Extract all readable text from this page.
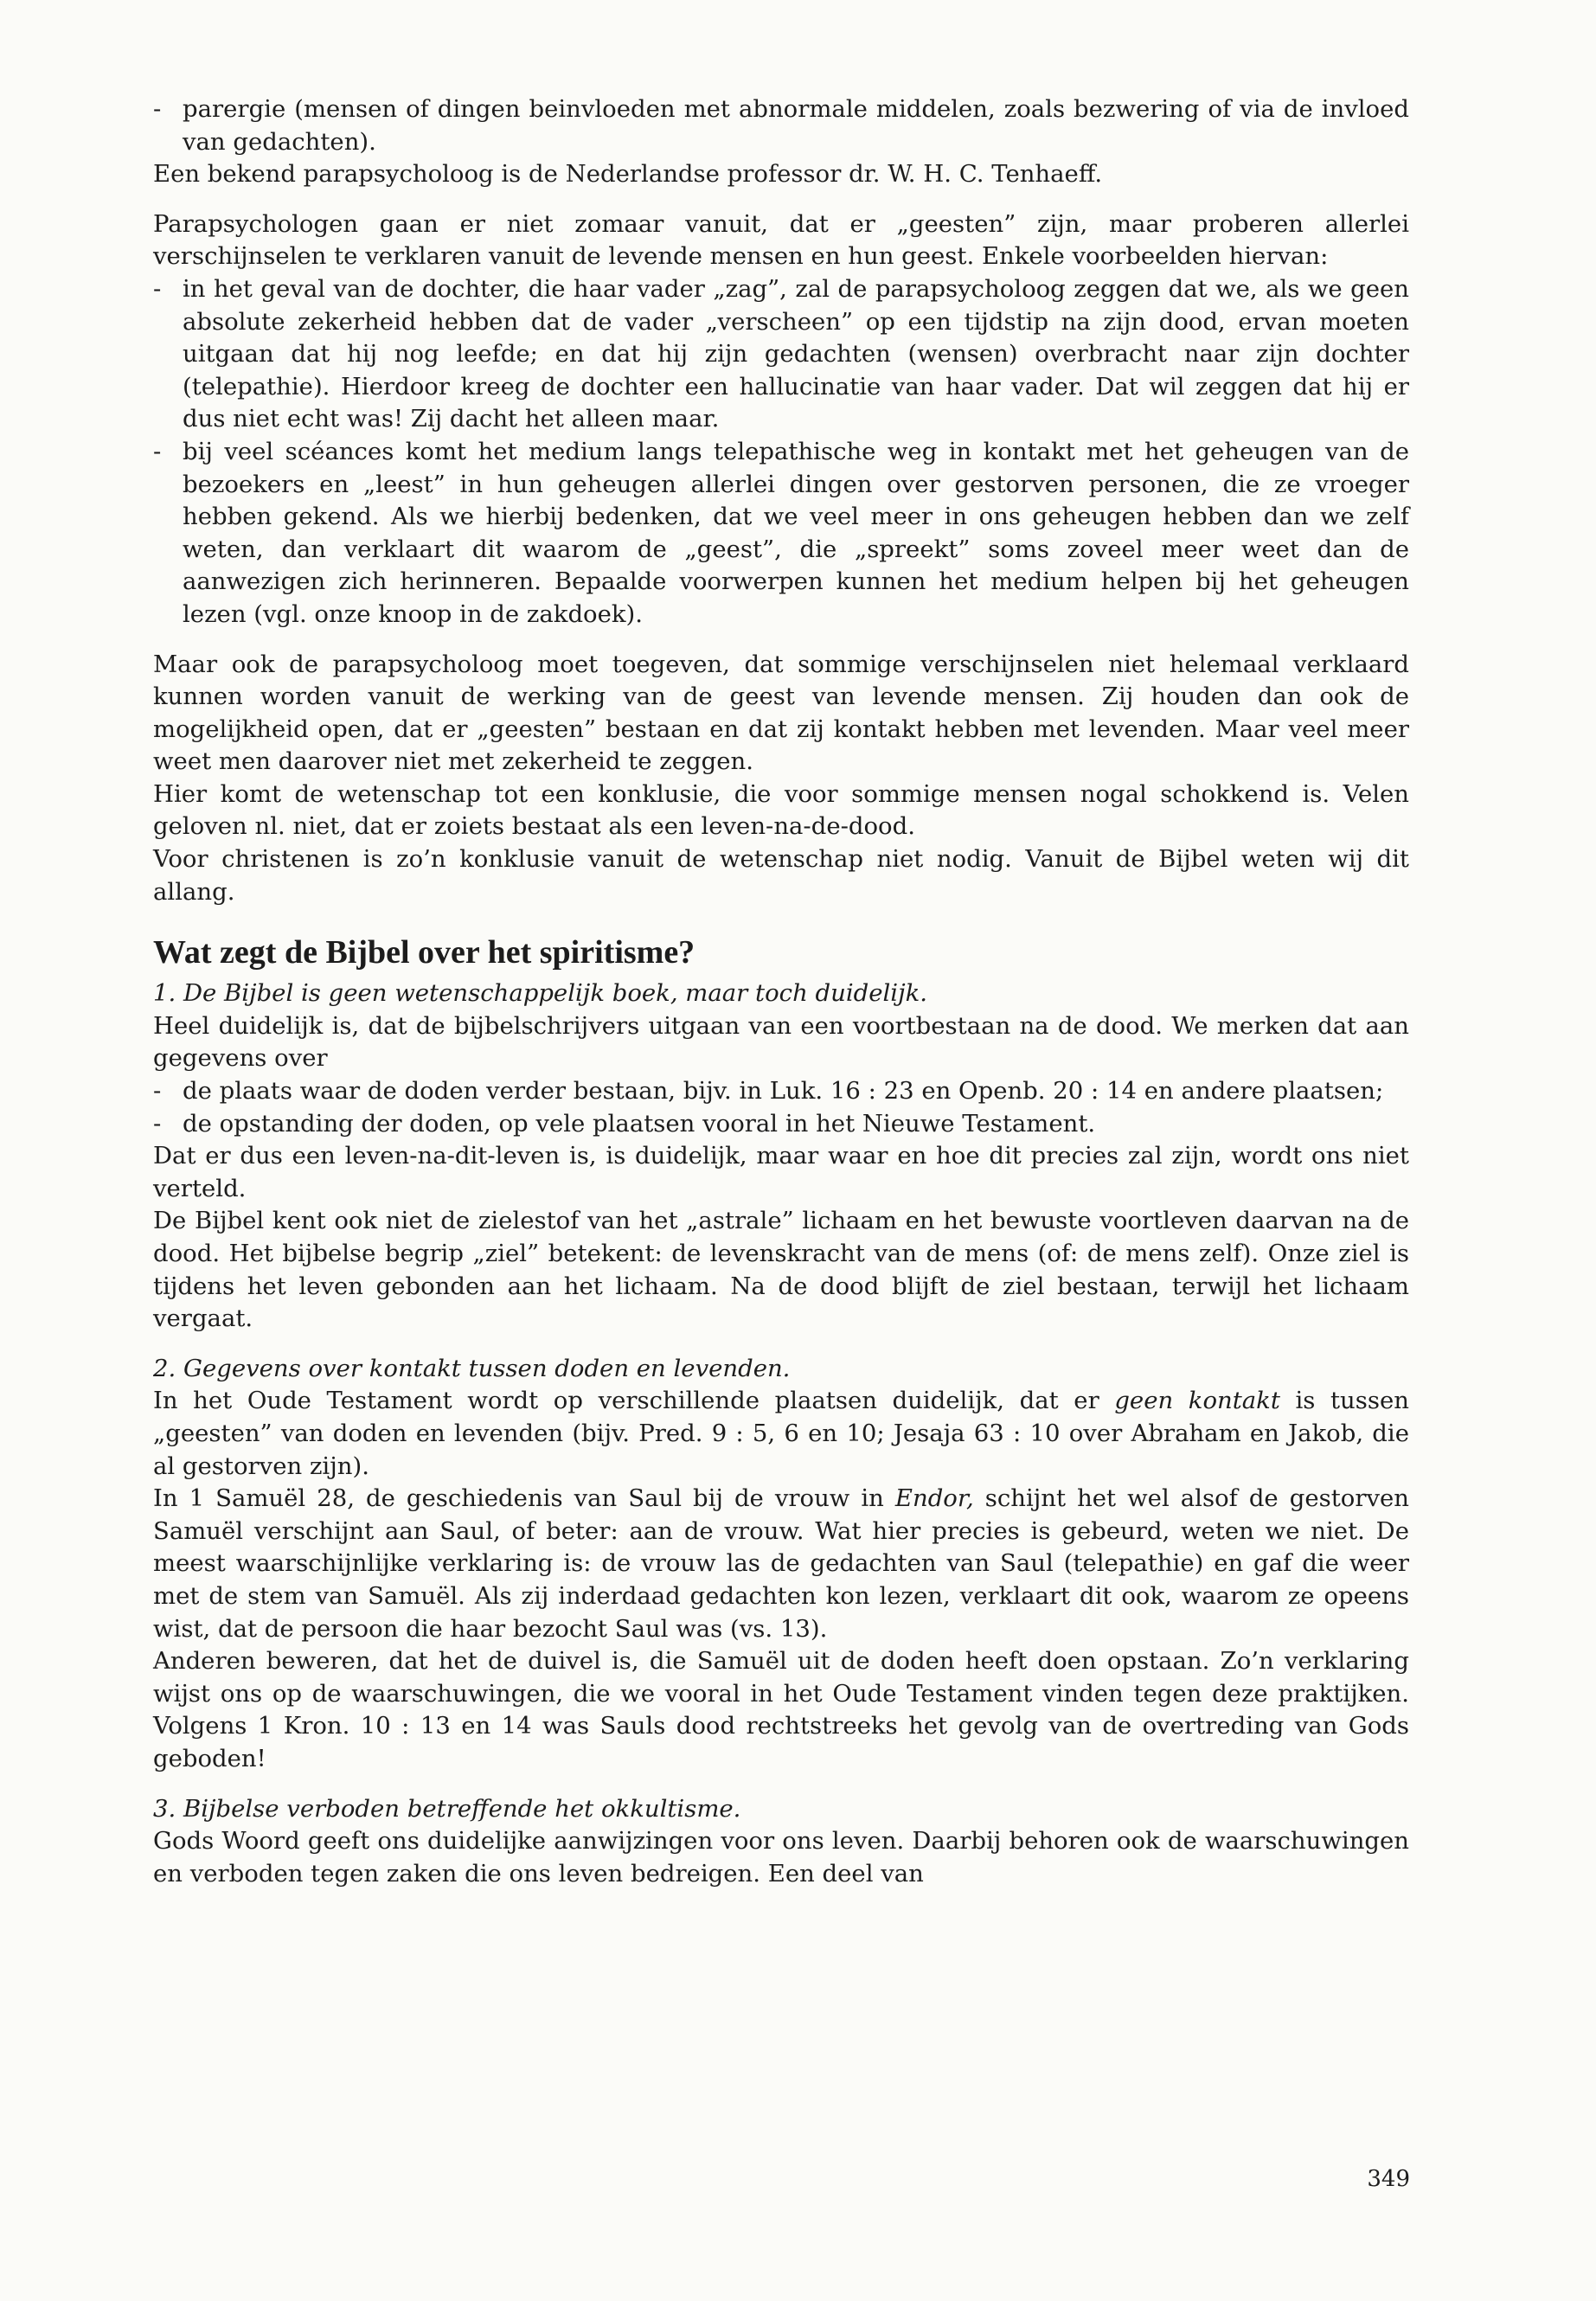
- parergie (mensen of dingen beinvloeden met abnormale middelen, zoals bezwering of via de invloed van gedachten).

Een bekend parapsycholoog is de Nederlandse professor dr. W. H. C. Tenhaeff.

Parapsychologen gaan er niet zomaar vanuit, dat er „geesten” zijn, maar proberen allerlei verschijnselen te verklaren vanuit de levende mensen en hun geest. Enkele voorbeelden hiervan:

- in het geval van de dochter, die haar vader „zag”, zal de parapsycholoog zeggen dat we, als we geen absolute zekerheid hebben dat de vader „verscheen” op een tijdstip na zijn dood, ervan moeten uitgaan dat hij nog leefde; en dat hij zijn gedachten (wensen) overbracht naar zijn dochter (telepathie). Hierdoor kreeg de dochter een hallucinatie van haar vader. Dat wil zeggen dat hij er dus niet echt was! Zij dacht het alleen maar.
- bij veel scéances komt het medium langs telepathische weg in kontakt met het geheugen van de bezoekers en „leest” in hun geheugen allerlei dingen over gestorven personen, die ze vroeger hebben gekend. Als we hierbij bedenken, dat we veel meer in ons geheugen hebben dan we zelf weten, dan verklaart dit waarom de „geest”, die „spreekt” soms zoveel meer weet dan de aanwezigen zich herinneren. Bepaalde voorwerpen kunnen het medium helpen bij het geheugen lezen (vgl. onze knoop in de zakdoek).

Maar ook de parapsycholoog moet toegeven, dat sommige verschijnselen niet helemaal verklaard kunnen worden vanuit de werking van de geest van levende mensen. Zij houden dan ook de mogelijkheid open, dat er „geesten” bestaan en dat zij kontakt hebben met levenden. Maar veel meer weet men daarover niet met zekerheid te zeggen.

Hier komt de wetenschap tot een konklusie, die voor sommige mensen nogal schokkend is. Velen geloven nl. niet, dat er zoiets bestaat als een leven-na-de-dood.

Voor christenen is zo’n konklusie vanuit de wetenschap niet nodig. Vanuit de Bijbel weten wij dit allang.

Wat zegt de Bijbel over het spiritisme?

1. De Bijbel is geen wetenschappelijk boek, maar toch duidelijk.

Heel duidelijk is, dat de bijbelschrijvers uitgaan van een voortbestaan na de dood. We merken dat aan gegevens over

- de plaats waar de doden verder bestaan, bijv. in Luk. 16 : 23 en Openb. 20 : 14 en andere plaatsen;
- de opstanding der doden, op vele plaatsen vooral in het Nieuwe Testament.

Dat er dus een leven-na-dit-leven is, is duidelijk, maar waar en hoe dit precies zal zijn, wordt ons niet verteld.

De Bijbel kent ook niet de zielestof van het „astrale” lichaam en het bewuste voortleven daarvan na de dood. Het bijbelse begrip „ziel” betekent: de levenskracht van de mens (of: de mens zelf). Onze ziel is tijdens het leven gebonden aan het lichaam. Na de dood blijft de ziel bestaan, terwijl het lichaam vergaat.

2. Gegevens over kontakt tussen doden en levenden.

In het Oude Testament wordt op verschillende plaatsen duidelijk, dat er geen kontakt is tussen „geesten” van doden en levenden (bijv. Pred. 9 : 5, 6 en 10; Jesaja 63 : 10 over Abraham en Jakob, die al gestorven zijn).

In 1 Samuël 28, de geschiedenis van Saul bij de vrouw in Endor, schijnt het wel alsof de gestorven Samuël verschijnt aan Saul, of beter: aan de vrouw. Wat hier precies is gebeurd, weten we niet. De meest waarschijnlijke verklaring is: de vrouw las de gedachten van Saul (telepathie) en gaf die weer met de stem van Samuël. Als zij inderdaad gedachten kon lezen, verklaart dit ook, waarom ze opeens wist, dat de persoon die haar bezocht Saul was (vs. 13).

Anderen beweren, dat het de duivel is, die Samuël uit de doden heeft doen opstaan. Zo’n verklaring wijst ons op de waarschuwingen, die we vooral in het Oude Testament vinden tegen deze praktijken. Volgens 1 Kron. 10 : 13 en 14 was Sauls dood rechtstreeks het gevolg van de overtreding van Gods geboden!

3. Bijbelse verboden betreffende het okkultisme.

Gods Woord geeft ons duidelijke aanwijzingen voor ons leven. Daarbij behoren ook de waarschuwingen en verboden tegen zaken die ons leven bedreigen. Een deel van

349
